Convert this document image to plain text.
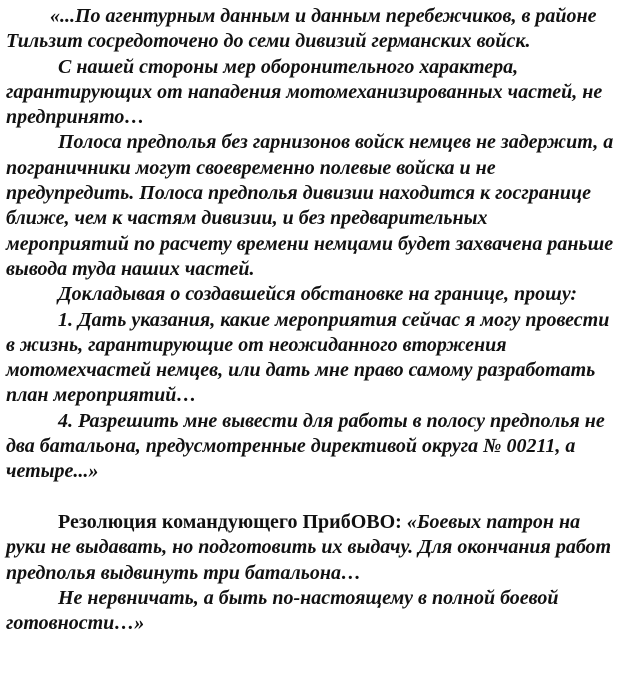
«...По агентурным данным и данным перебежчиков, в районе Тильзит сосредоточено до семи дивизий германских войск.

С нашей стороны мер оборонительного характера, гарантирующих от нападения мотомеханизированных частей, не предпринято…

Полоса предполья без гарнизонов войск немцев не задержит, а пограничники могут своевременно полевые войска и не предупредить. Полоса предполья дивизии находится к госгранице ближе, чем к частям дивизии, и без предварительных мероприятий по расчету времени немцами будет захвачена раньше вывода туда наших частей.

Докладывая о создавшейся обстановке на границе, прошу:

1. Дать указания, какие мероприятия сейчас я могу провести в жизнь, гарантирующие от неожиданного вторжения мотомехчастей немцев, или дать мне право самому разработать план мероприятий…

4. Разрешить мне вывести для работы в полосу предполья не два батальона, предусмотренные директивой округа № 00211, а четыре...»

Резолюция командующего ПрибОВО: «Боевых патрон на руки не выдавать, но подготовить их выдачу. Для окончания работ предполья выдвинуть три батальона…

Не нервничать, а быть по-настоящему в полной боевой готовности…»
